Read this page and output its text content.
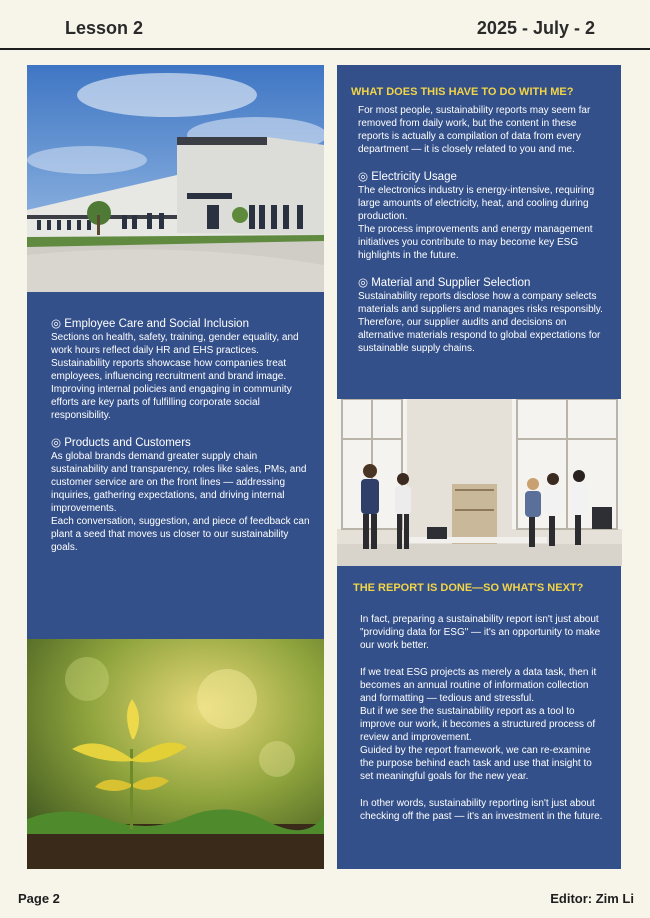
Lesson 2	2025 - July - 2
◎ Employee Care and Social Inclusion
Sections on health, safety, training, gender equality, and work hours reflect daily HR and EHS practices.
Sustainability reports showcase how companies treat employees, influencing recruitment and brand image.
Improving internal policies and engaging in community efforts are key parts of fulfilling corporate social responsibility.
◎ Products and Customers
As global brands demand greater supply chain sustainability and transparency, roles like sales, PMs, and customer service are on the front lines — addressing inquiries, gathering expectations, and driving internal improvements.
Each conversation, suggestion, and piece of feedback can plant a seed that moves us closer to our sustainability goals.
WHAT DOES THIS HAVE TO DO WITH ME?
For most people, sustainability reports may seem far removed from daily work, but the content in these reports is actually a compilation of data from every department — it is closely related to you and me.
◎ Electricity Usage
The electronics industry is energy-intensive, requiring large amounts of electricity, heat, and cooling during production.
The process improvements and energy management initiatives you contribute to may become key ESG highlights in the future.
◎ Material and Supplier Selection
Sustainability reports disclose how a company selects materials and suppliers and manages risks responsibly.
Therefore, our supplier audits and decisions on alternative materials respond to global expectations for sustainable supply chains.
THE REPORT IS DONE—SO WHAT'S NEXT?
In fact, preparing a sustainability report isn't just about "providing data for ESG" — it's an opportunity to make our work better.
If we treat ESG projects as merely a data task, then it becomes an annual routine of information collection and formatting — tedious and stressful.
But if we see the sustainability report as a tool to improve our work, it becomes a structured process of review and improvement.
Guided by the report framework, we can re-examine the purpose behind each task and use that insight to set meaningful goals for the new year.
In other words, sustainability reporting isn't just about checking off the past — it's an investment in the future.
Page 2	Editor: Zim Li
